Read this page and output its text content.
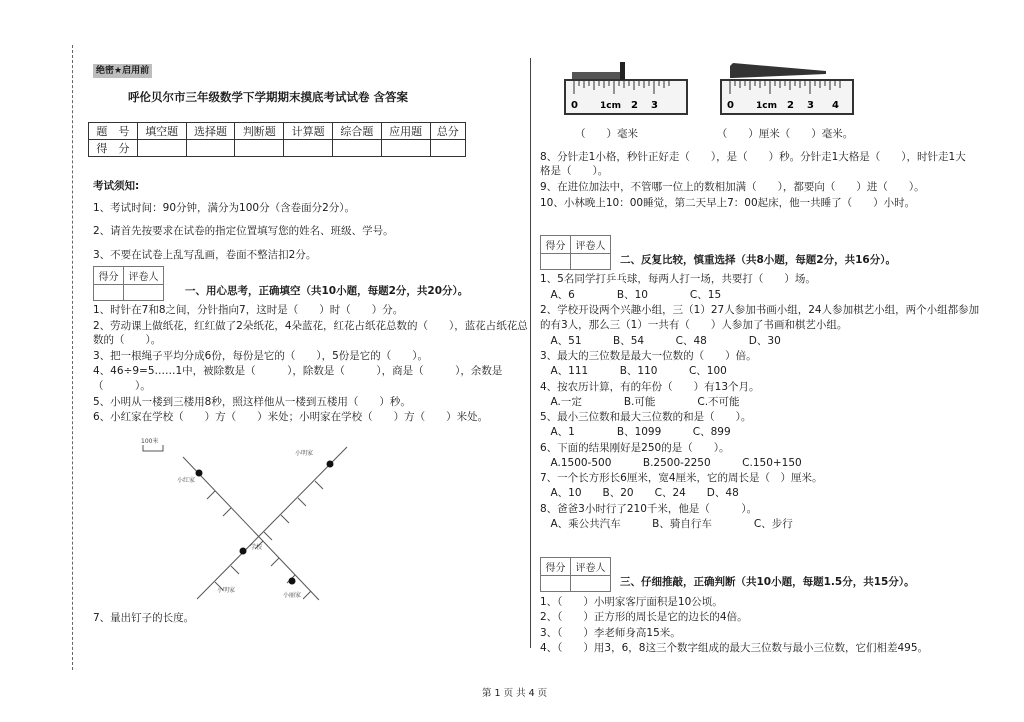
绝密★启用前
呼伦贝尔市三年级数学下学期期末摸底考试试卷 含答案
题　号	填空题	选择题	判断题	计算题	综合题	应用题	总分
得　分							
考试须知:
1、考试时间：90分钟，满分为100分（含卷面分2分）。
2、请首先按要求在试卷的指定位置填写您的姓名、班级、学号。
3、不要在试卷上乱写乱画，卷面不整洁扣2分。
得分	评卷人

一、用心思考，正确填空（共10小题，每题2分，共20分）。
1、时针在7和8之间，分针指向7，这时是（　　）时（　　）分。
2、劳动课上做纸花，红红做了2朵纸花，4朵蓝花，红花占纸花总数的（　　），蓝花占纸花总
数的（　　）。
3、把一根绳子平均分成6份，每份是它的（　　），5份是它的（　　）。
4、46÷9=5……1中，被除数是（　　　），除数是（　　　），商是（　　　），余数是
（　　　）。
5、小明从一楼到三楼用8秒，照这样他从一楼到五楼用（　　）秒。
6、小红家在学校（　　）方（　　）米处；小明家在学校（　　）方（　　）米处。
100米
小明家
小红家
学校
小明家
小丽家
7、量出钉子的长度。
0 1cm 2 3	0 1cm 2 3 4
（　　）毫米　　　　　　　　（　　）厘米（　　）毫米。
8、分针走1小格，秒针正好走（　　），是（　　）秒。分针走1大格是（　　），时针走1大
格是（　　）。
9、在进位加法中，不管哪一位上的数相加满（　　），都要向（　　）进（　　）。
10、小林晚上10：00睡觉，第二天早上7：00起床，他一共睡了（　　）小时。
得分	评卷人

二、反复比较，慎重选择（共8小题，每题2分，共16分）。
1、5名同学打乒乓球，每两人打一场，共要打（　　）场。
　A、6　　　　B、10　　　　C、15
2、学校开设两个兴趣小组，三（1）27人参加书画小组，24人参加棋艺小组，两个小组都参加
的有3人，那么三（1）一共有（　　）人参加了书画和棋艺小组。
　A、51　　　B、54　　　C、48　　　　D、30
3、最大的三位数是最大一位数的（　　）倍。
　A、111　　　B、110　　　C、100
4、按农历计算，有的年份（　　）有13个月。
　A.一定　　　　B.可能　　　　C.不可能
5、最小三位数和最大三位数的和是（　　）。
　A、1　　　　B、1099　　　C、899
6、下面的结果刚好是250的是（　　）。
　A.1500-500　　　B.2500-2250　　　C.150+150
7、一个长方形长6厘米，宽4厘米，它的周长是（　）厘米。
　A、10　　B、20　　C、24　　D、48
8、爸爸3小时行了210千米，他是（　　　）。
　A、乘公共汽车　　　B、骑自行车　　　　C、步行
得分	评卷人

三、仔细推敲，正确判断（共10小题，每题1.5分，共15分）。
1、（　　）小明家客厅面积是10公顷。
2、（　　）正方形的周长是它的边长的4倍。
3、（　　）李老师身高15米。
4、（　　）用3，6，8这三个数字组成的最大三位数与最小三位数，它们相差495。
第 1 页 共 4 页
